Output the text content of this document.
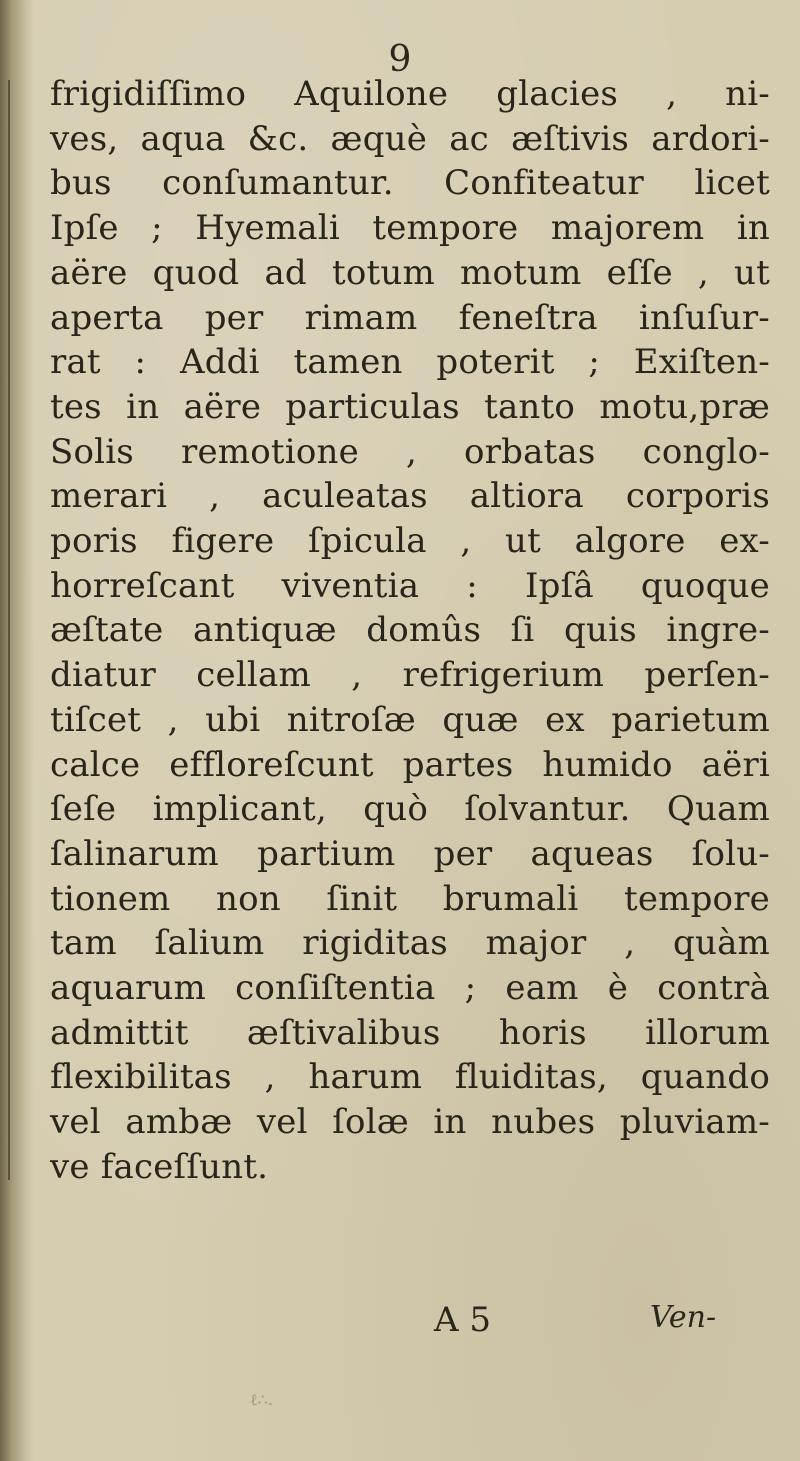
9
frigidiſſimo Aquilone glacies , ni-
ves, aqua &c. æquè ac æſtivis ardori-
bus conſumantur. Confiteatur licet
Ipſe ; Hyemali tempore majorem in
aëre quod ad totum motum eſſe , ut
aperta per rimam feneſtra inſuſur-
rat : Addi tamen poterit ; Exiſten-
tes in aëre particulas tanto motu,præ
Solis remotione , orbatas conglo-
merari , aculeatas altiora corporis
poris figere ſpicula , ut algore ex-
horreſcant viventia : Ipſâ quoque
æſtate antiquæ domûs ſi quis ingre-
diatur cellam , refrigerium perſen-
tiſcet , ubi nitroſæ quæ ex parietum
calce effloreſcunt partes humido aëri
ſeſe implicant, quò ſolvantur. Quam
ſalinarum partium per aqueas ſolu-
tionem non ſinit brumali tempore
tam ſalium rigiditas major , quàm
aquarum conſiſtentia ; eam è contrà
admittit æſtivalibus horis illorum
flexibilitas , harum fluiditas, quando
vel ambæ vel ſolæ in nubes pluviam-
ve faceſſunt.
A 5	Ven-
ℓ∴.
